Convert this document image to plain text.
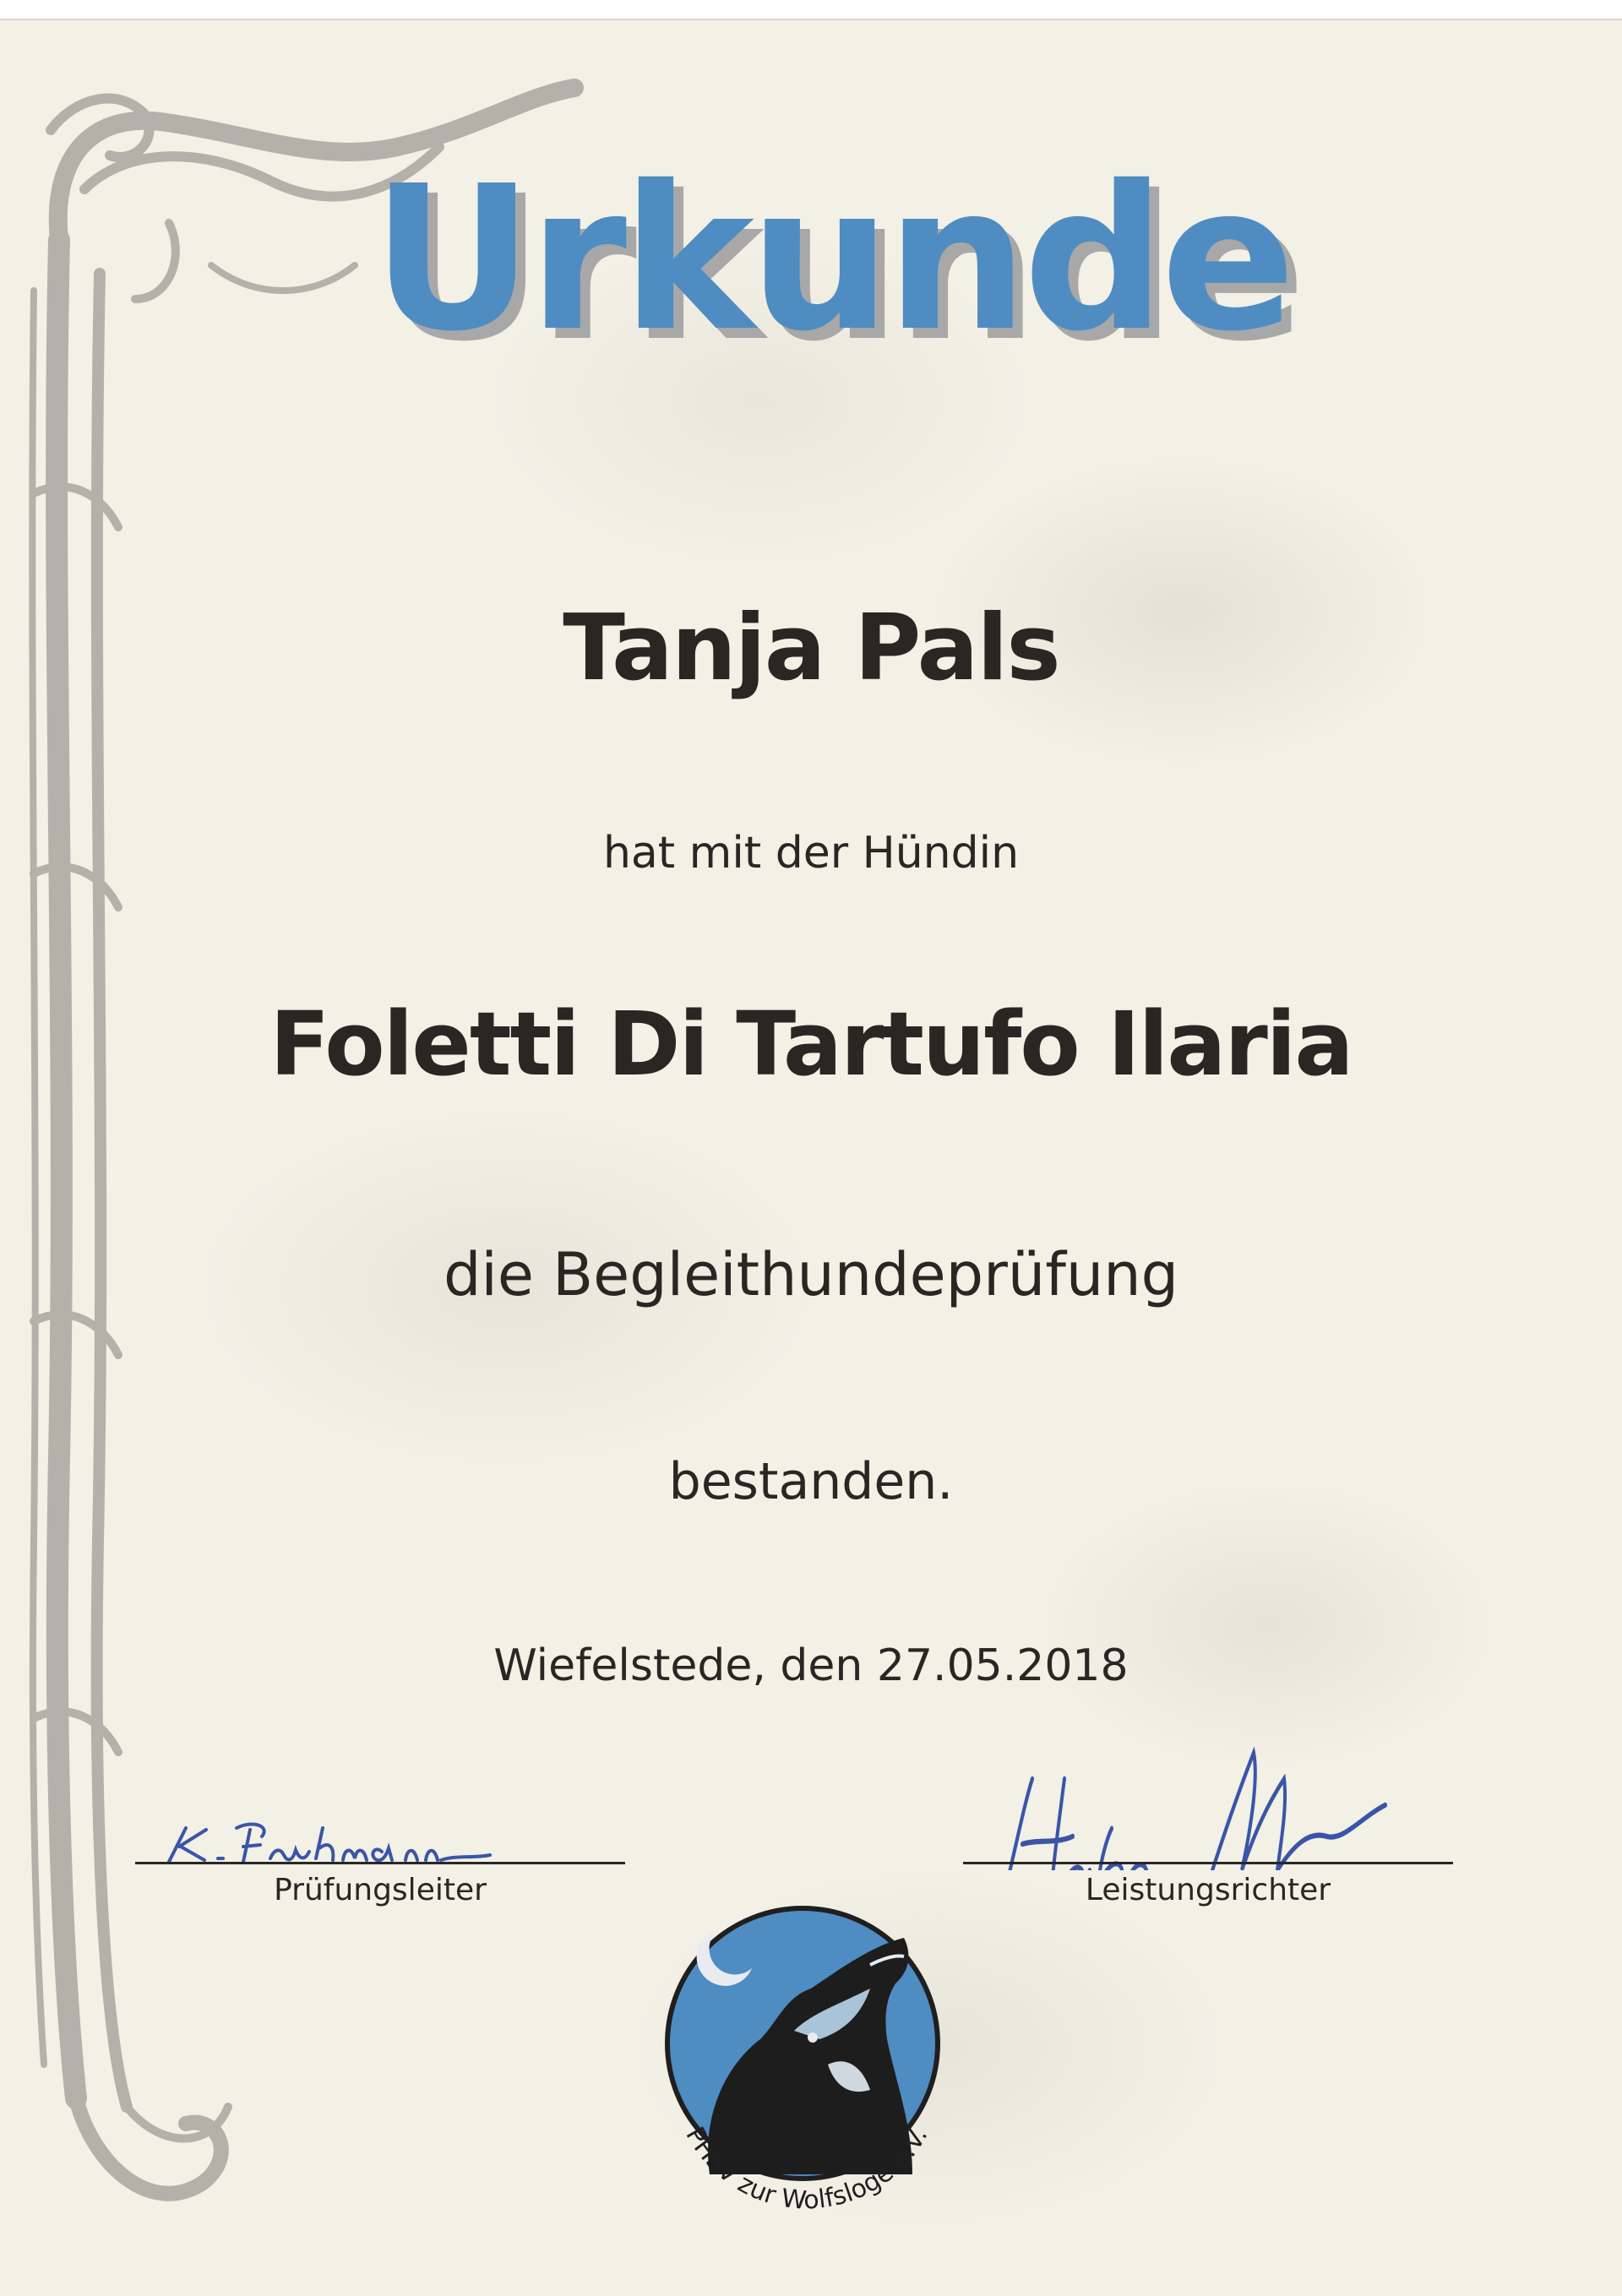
Urkunde
Tanja Pals
hat mit der Hündin
Foletti Di Tartufo Ilaria
die Begleithundeprüfung
bestanden.
Wiefelstede, den 27.05.2018
Prüfungsleiter	Leistungsrichter
PHSV zur Wolfsloge e.V.
